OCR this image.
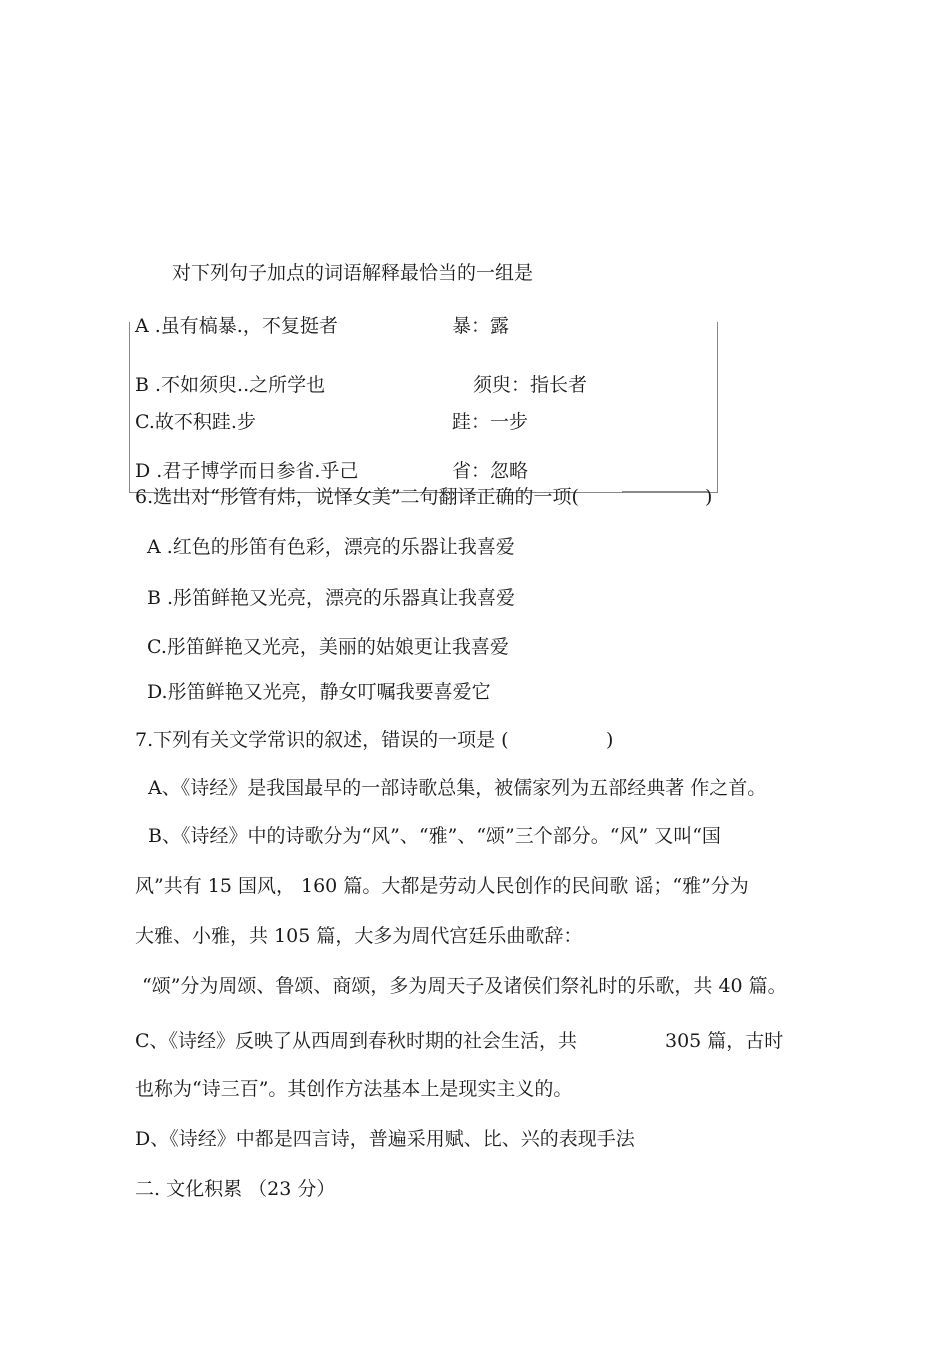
对下列句子加点的词语解释最恰当的一组是
A .虽有槁暴.，不复挺者	暴：露
B .不如须臾..之所学也	须臾：指长者
C.故不积跬.步	跬：一步
D .君子博学而日参省.乎己	省：忽略
6.选出对“彤管有炜，说怿女美”二句翻译正确的一项(	)
A .红色的彤笛有色彩，漂亮的乐器让我喜爱
B .彤笛鲜艳又光亮，漂亮的乐器真让我喜爱
C.彤笛鲜艳又光亮，美丽的姑娘更让我喜爱
D.彤笛鲜艳又光亮，静女叮嘱我要喜爱它
7.下列有关文学常识的叙述，错误的一项是 (	)
A、《诗经》是我国最早的一部诗歌总集，被儒家列为五部经典著 作之首。
B、《诗经》中的诗歌分为“风”、“雅”、“颂”三个部分。“风” 又叫“国
风”共有 15 国风， 160 篇。大都是劳动人民创作的民间歌 谣；“雅”分为
大雅、小雅，共 105 篇，大多为周代宫廷乐曲歌辞：
“颂”分为周颂、鲁颂、商颂，多为周天子及诸侯们祭礼时的乐歌，共 40 篇。
C、《诗经》反映了从西周到春秋时期的社会生活，共	305 篇，古时
也称为“诗三百”。其创作方法基本上是现实主义的。
D、《诗经》中都是四言诗，普遍采用赋、比、兴的表现手法
二. 文化积累 （23 分）
